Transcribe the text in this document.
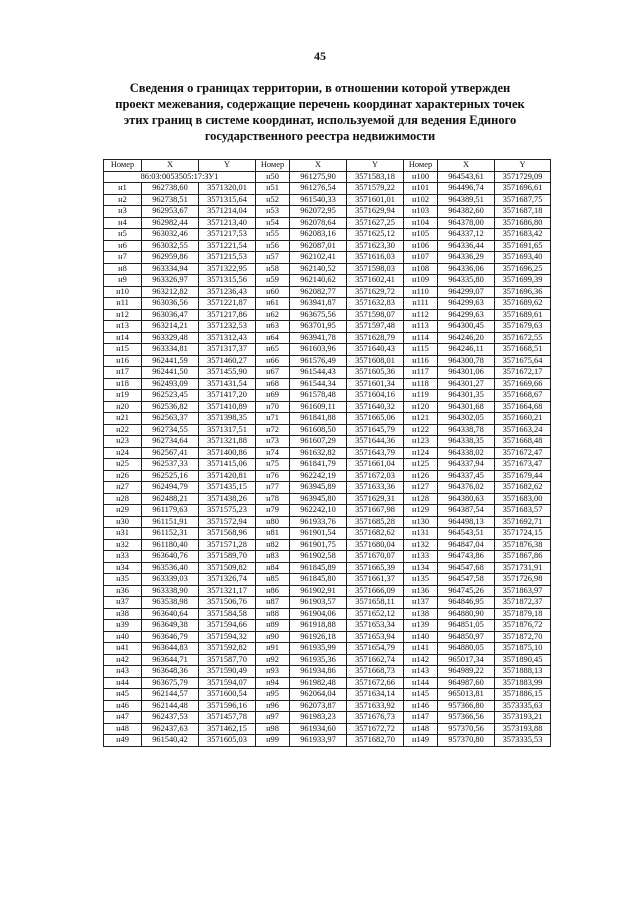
45
Сведения о границах территории, в отношении которой утвержден
проект межевания, содержащие перечень координат характерных точек
этих границ в системе координат, используемой для ведения Единого
государственного реестра недвижимости
Номер	X	Y	Номер	X	Y	Номер	X	Y
86:03:0053505:17:ЗУ1			н50	961275,90	3571583,18	н100	964543,61	3571729,09
н1	962738,60	3571320,01	н51	961276,54	3571579,22	н101	964496,74	3571696,61
н2	962738,51	3571315,64	н52	961540,33	3571601,01	н102	964389,51	3571687,75
н3	962953,67	3571214,04	н53	962072,95	3571629,94	н103	964382,60	3571687,18
н4	962982,44	3571213,40	н54	962078,64	3571627,25	н104	964378,00	3571686,80
н5	963032,46	3571217,53	н55	962083,16	3571625,12	н105	964337,12	3571683,42
н6	963032,55	3571221,54	н56	962087,01	3571623,30	н106	964336,44	3571691,65
н7	962959,86	3571215,53	н57	962102,41	3571616,03	н107	964336,29	3571693,40
н8	963334,94	3571322,95	н58	962140,52	3571598,03	н108	964336,06	3571696,25
н9	963326,97	3571315,56	н59	962140,62	3571602,41	н109	964335,80	3571699,39
н10	963212,82	3571236,43	н60	962082,77	3571629,72	н110	964299,07	3571696,36
н11	963036,56	3571221,87	н61	963941,87	3571632,83	н111	964299,63	3571689,62
н12	963036,47	3571217,86	н62	963675,56	3571598,07	н112	964299,63	3571689,61
н13	963214,21	3571232,53	н63	963701,95	3571597,48	н113	964300,45	3571679,63
н14	963329,48	3571312,43	н64	963941,78	3571628,79	н114	964246,20	3571672,55
н15	963334,81	3571317,37	н65	961603,96	3571640,43	н115	964246,11	3571668,51
н16	962441,59	3571460,27	н66	961576,49	3571608,01	н116	964300,78	3571675,64
н17	962441,50	3571455,90	н67	961544,43	3571605,36	н117	964301,06	3571672,17
н18	962493,09	3571431,54	н68	961544,34	3571601,34	н118	964301,27	3571669,66
н19	962523,45	3571417,20	н69	961578,48	3571604,16	н119	964301,35	3571668,67
н20	962536,82	3571410,89	н70	961609,11	3571640,32	н120	964301,68	3571664,68
н21	962563,37	3571398,35	н71	961841,88	3571665,06	н121	964302,05	3571660,21
н22	962734,55	3571317,51	н72	961608,50	3571645,79	н122	964338,78	3571663,24
н23	962734,64	3571321,88	н73	961607,29	3571644,36	н123	964338,35	3571668,48
н24	962567,41	3571400,86	н74	961632,82	3571643,79	н124	964338,02	3571672,47
н25	962537,33	3571415,06	н75	961841,79	3571661,04	н125	964337,94	3571673,47
н26	962525,16	3571420,81	н76	962242,19	3571672,03	н126	964337,45	3571679,44
н27	962494,79	3571435,15	н77	963945,89	3571633,36	н127	964376,02	3571682,62
н28	962488,21	3571438,26	н78	963945,80	3571629,31	н128	964380,63	3571683,00
н29	961179,63	3571575,23	н79	962242,10	3571667,98	н129	964387,54	3571683,57
н30	961151,91	3571572,94	н80	961933,76	3571685,28	н130	964498,13	3571692,71
н31	961152,31	3571568,96	н81	961901,54	3571682,62	н131	964543,51	3571724,15
н32	961180,40	3571571,28	н82	961901,75	3571680,04	н132	964847,04	3571876,38
н33	963640,76	3571589,70	н83	961902,58	3571670,07	н133	964743,86	3571867,86
н34	963536,40	3571509,82	н84	961845,89	3571665,39	н134	964547,68	3571731,91
н35	963339,03	3571326,74	н85	961845,80	3571661,37	н135	964547,58	3571726,98
н36	963338,90	3571321,17	н86	961902,91	3571666,09	н136	964745,26	3571863,97
н37	963538,98	3571506,76	н87	961903,57	3571658,11	н137	964846,95	3571872,37
н38	963640,64	3571584,58	н88	961904,06	3571652,12	н138	964880,90	3571879,18
н39	963649,38	3571594,66	н89	961918,88	3571653,34	н139	964851,05	3571876,72
н40	963646,79	3571594,32	н90	961926,18	3571653,94	н140	964850,97	3571872,70
н41	963644,83	3571592,82	н91	961935,99	3571654,79	н141	964880,05	3571875,10
н42	963644,71	3571587,70	н92	961935,36	3571662,74	н142	965017,34	3571890,45
н43	963648,36	3571590,49	н93	961934,86	3571668,73	н143	964989,22	3571888,13
н44	963675,79	3571594,07	н94	961982,48	3571672,66	н144	964987,60	3571883,99
н45	962144,57	3571600,54	н95	962064,04	3571634,14	н145	965013,81	3571886,15
н46	962144,48	3571596,16	н96	962073,87	3571633,92	н146	957366,80	3573335,63
н47	962437,53	3571457,78	н97	961983,23	3571676,73	н147	957366,56	3573193,21
н48	962437,63	3571462,15	н98	961934,60	3571672,72	н148	957370,56	3573193,88
н49	961540,42	3571605,03	н99	961933,97	3571682,70	н149	957370,80	3573335,53
